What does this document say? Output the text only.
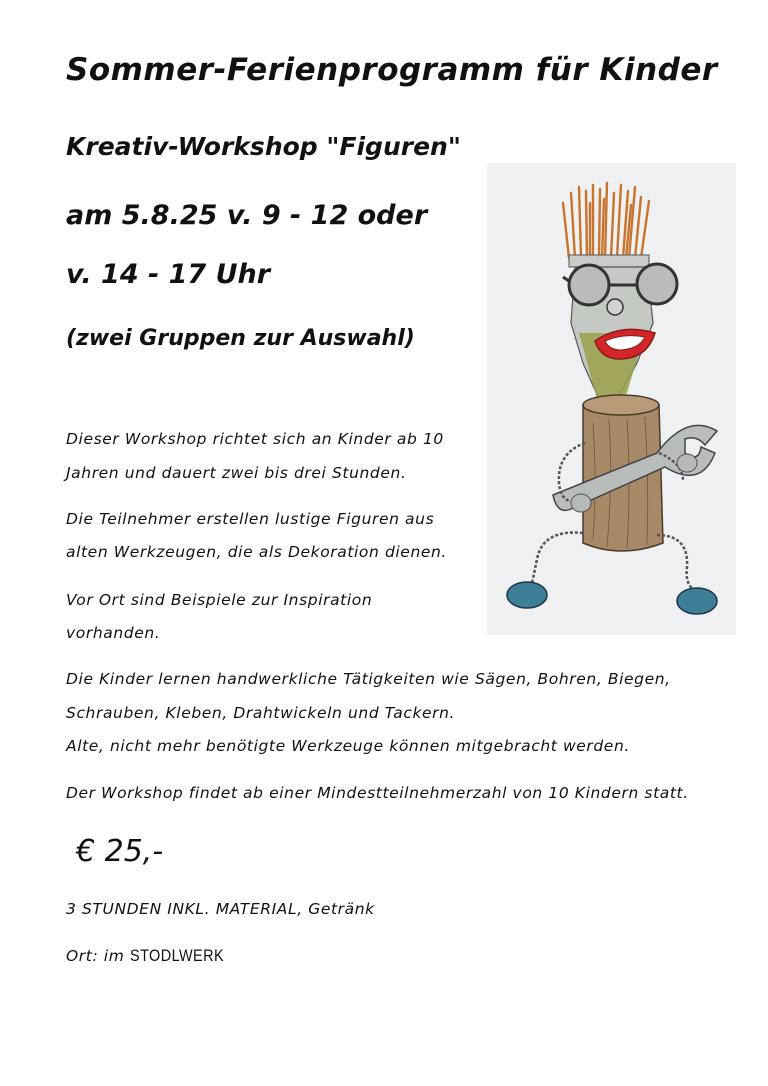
Sommer-Ferienprogramm für Kinder
Kreativ-Workshop "Figuren"
am 5.8.25 v. 9 - 12 oder
v. 14 - 17 Uhr
(zwei Gruppen zur Auswahl)
Dieser Workshop richtet sich an Kinder ab 10
Jahren und dauert zwei bis drei Stunden.
Die Teilnehmer erstellen lustige Figuren aus
alten Werkzeugen, die als Dekoration dienen.
Vor Ort sind Beispiele zur Inspiration
vorhanden.
Die Kinder lernen handwerkliche Tätigkeiten wie Sägen, Bohren, Biegen,
Schrauben, Kleben, Drahtwickeln und Tackern.
Alte, nicht mehr benötigte Werkzeuge können mitgebracht werden.
Der Workshop findet ab einer Mindestteilnehmerzahl von 10 Kindern statt.
€ 25,-
3 STUNDEN INKL. MATERIAL, Getränk
Ort: im STODLWERK
